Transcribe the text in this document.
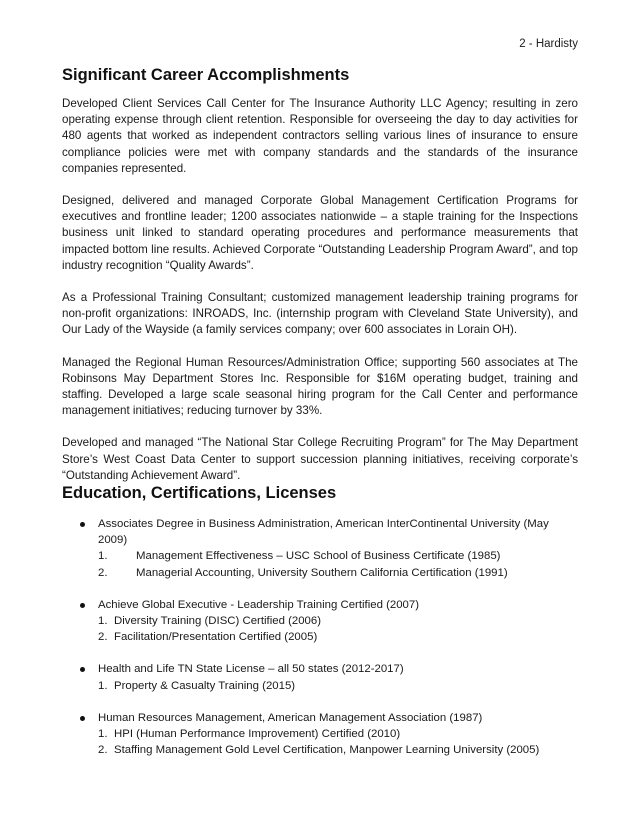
2 - Hardisty
Significant Career Accomplishments

Developed Client Services Call Center for The Insurance Authority LLC Agency; resulting in zero operating expense through client retention. Responsible for overseeing the day to day activities for 480 agents that worked as independent contractors selling various lines of insurance to ensure compliance policies were met with company standards and the standards of the insurance companies represented.

Designed, delivered and managed Corporate Global Management Certification Programs for executives and frontline leader; 1200 associates nationwide – a staple training for the Inspections business unit linked to standard operating procedures and performance measurements that impacted bottom line results. Achieved Corporate “Outstanding Leadership Program Award”, and top industry recognition “Quality Awards”.

As a Professional Training Consultant; customized management leadership training programs for non-profit organizations: INROADS, Inc. (internship program with Cleveland State University), and Our Lady of the Wayside (a family services company; over 600 associates in Lorain OH).

Managed the Regional Human Resources/Administration Office; supporting 560 associates at The Robinsons May Department Stores Inc. Responsible for $16M operating budget, training and staffing. Developed a large scale seasonal hiring program for the Call Center and performance management initiatives; reducing turnover by 33%.

Developed and managed “The National Star College Recruiting Program” for The May Department Store’s West Coast Data Center to support succession planning initiatives, receiving corporate’s “Outstanding Achievement Award”.

Education, Certifications, Licenses
Associates Degree in Business Administration, American InterContinental University (May 2009)
1.	Management Effectiveness – USC School of Business Certificate (1985)
2.	Managerial Accounting, University Southern California Certification (1991)
Achieve Global Executive - Leadership Training Certified (2007)
1. Diversity Training (DISC) Certified (2006)
2. Facilitation/Presentation Certified (2005)
Health and Life TN State License – all 50 states (2012-2017)
1. Property & Casualty Training (2015)
Human Resources Management, American Management Association (1987)
1. HPI (Human Performance Improvement) Certified (2010)
2. Staffing Management Gold Level Certification, Manpower Learning University (2005)
